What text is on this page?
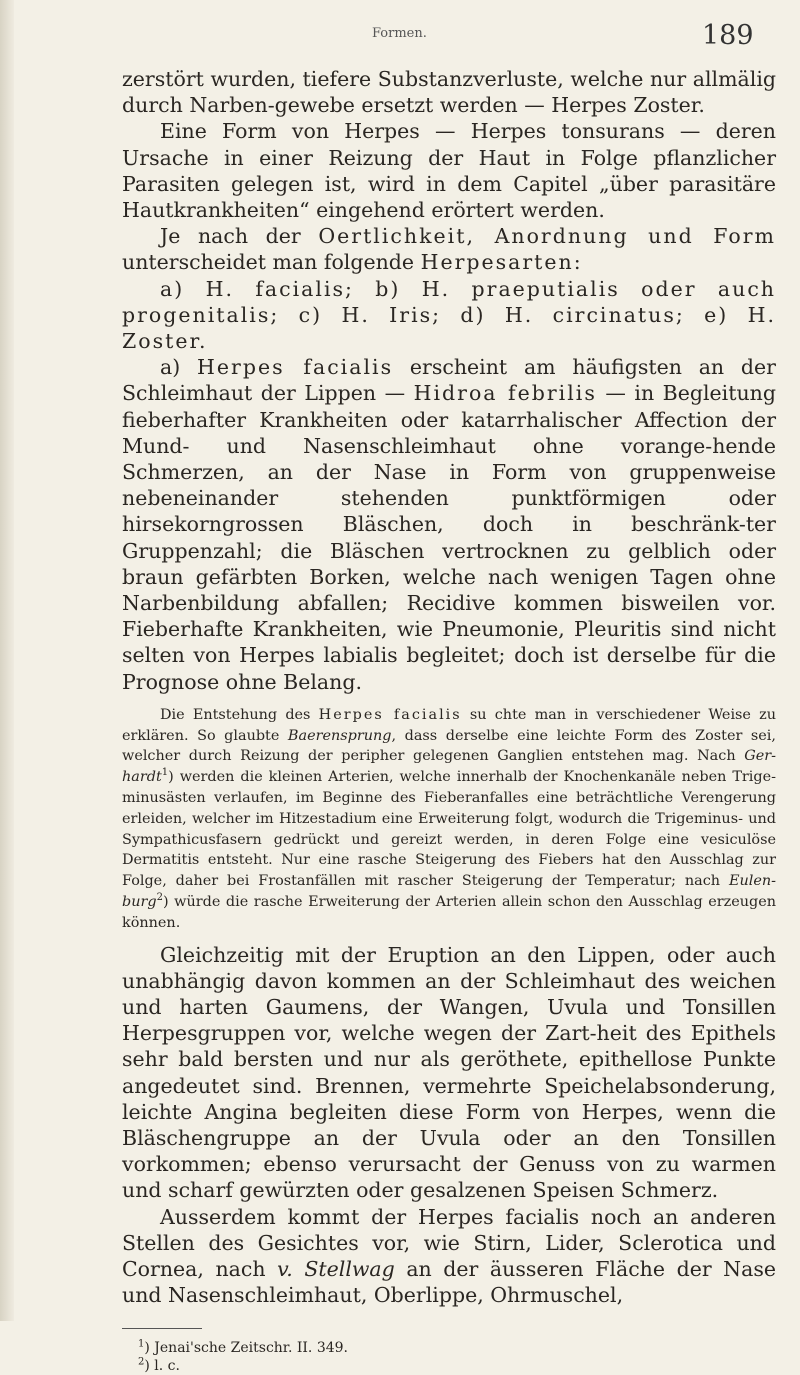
Formen.	189

zerstört wurden, tiefere Substanzverluste, welche nur allmälig durch Narben-gewebe ersetzt werden — Herpes Zoster.

Eine Form von Herpes — Herpes tonsurans — deren Ursache in einer Reizung der Haut in Folge pflanzlicher Parasiten gelegen ist, wird in dem Capitel „über parasitäre Hautkrankheiten“ eingehend erörtert werden.

Je nach der Oertlichkeit, Anordnung und Form unterscheidet man folgende Herpesarten:

a) H. facialis; b) H. praeputialis oder auch progenitalis; c) H. Iris; d) H. circinatus; e) H. Zoster.

a) Herpes facialis erscheint am häufigsten an der Schleimhaut der Lippen — Hidroa febrilis — in Begleitung fieberhafter Krankheiten oder katarrhalischer Affection der Mund- und Nasenschleimhaut ohne vorange-hende Schmerzen, an der Nase in Form von gruppenweise nebeneinander stehenden punktförmigen oder hirsekorngrossen Bläschen, doch in beschränk-ter Gruppenzahl; die Bläschen vertrocknen zu gelblich oder braun gefärbten Borken, welche nach wenigen Tagen ohne Narbenbildung abfallen; Recidive kommen bisweilen vor. Fieberhafte Krankheiten, wie Pneumonie, Pleuritis sind nicht selten von Herpes labialis begleitet; doch ist derselbe für die Prognose ohne Belang.

Die Entstehung des Herpes facialis su chte man in verschiedener Weise zu erklären. So glaubte Baerensprung, dass derselbe eine leichte Form des Zoster sei, welcher durch Reizung der peripher gelegenen Ganglien entstehen mag. Nach Ger-hardt$^1$) werden die kleinen Arterien, welche innerhalb der Knochenkanäle neben Trige-minusästen verlaufen, im Beginne des Fieberanfalles eine beträchtliche Verengerung erleiden, welcher im Hitzestadium eine Erweiterung folgt, wodurch die Trigeminus- und Sympathicusfasern gedrückt und gereizt werden, in deren Folge eine vesiculöse Dermatitis entsteht. Nur eine rasche Steigerung des Fiebers hat den Ausschlag zur Folge, daher bei Frostanfällen mit rascher Steigerung der Temperatur; nach Eulen-burg$^2$) würde die rasche Erweiterung der Arterien allein schon den Ausschlag erzeugen können.

Gleichzeitig mit der Eruption an den Lippen, oder auch unabhängig davon kommen an der Schleimhaut des weichen und harten Gaumens, der Wangen, Uvula und Tonsillen Herpesgruppen vor, welche wegen der Zart-heit des Epithels sehr bald bersten und nur als geröthete, epithellose Punkte angedeutet sind. Brennen, vermehrte Speichelabsonderung, leichte Angina begleiten diese Form von Herpes, wenn die Bläschengruppe an der Uvula oder an den Tonsillen vorkommen; ebenso verursacht der Genuss von zu warmen und scharf gewürzten oder gesalzenen Speisen Schmerz.

Ausserdem kommt der Herpes facialis noch an anderen Stellen des Gesichtes vor, wie Stirn, Lider, Sclerotica und Cornea, nach v. Stellwag an der äusseren Fläche der Nase und Nasenschleimhaut, Oberlippe, Ohrmuschel,

$^1$) Jenai'sche Zeitschr. II. 349.
$^2$) l. c.
